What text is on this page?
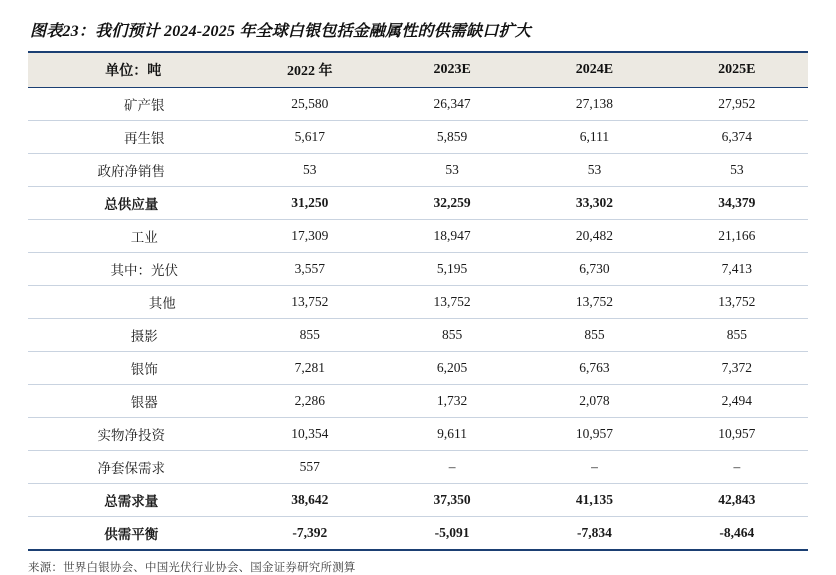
图表23：我们预计 2024-2025 年全球白银包括金融属性的供需缺口扩大
单位：吨	2022 年	2023E	2024E	2025E
矿产银	25,580	26,347	27,138	27,952
再生银	5,617	5,859	6,111	6,374
政府净销售	53	53	53	53
总供应量	31,250	32,259	33,302	34,379
工业	17,309	18,947	20,482	21,166
其中：光伏	3,557	5,195	6,730	7,413
其他	13,752	13,752	13,752	13,752
摄影	855	855	855	855
银饰	7,281	6,205	6,763	7,372
银器	2,286	1,732	2,078	2,494
实物净投资	10,354	9,611	10,957	10,957
净套保需求	557	–	–	–
总需求量	38,642	37,350	41,135	42,843
供需平衡	-7,392	-5,091	-7,834	-8,464
来源：世界白银协会、中国光伏行业协会、国金证券研究所测算
